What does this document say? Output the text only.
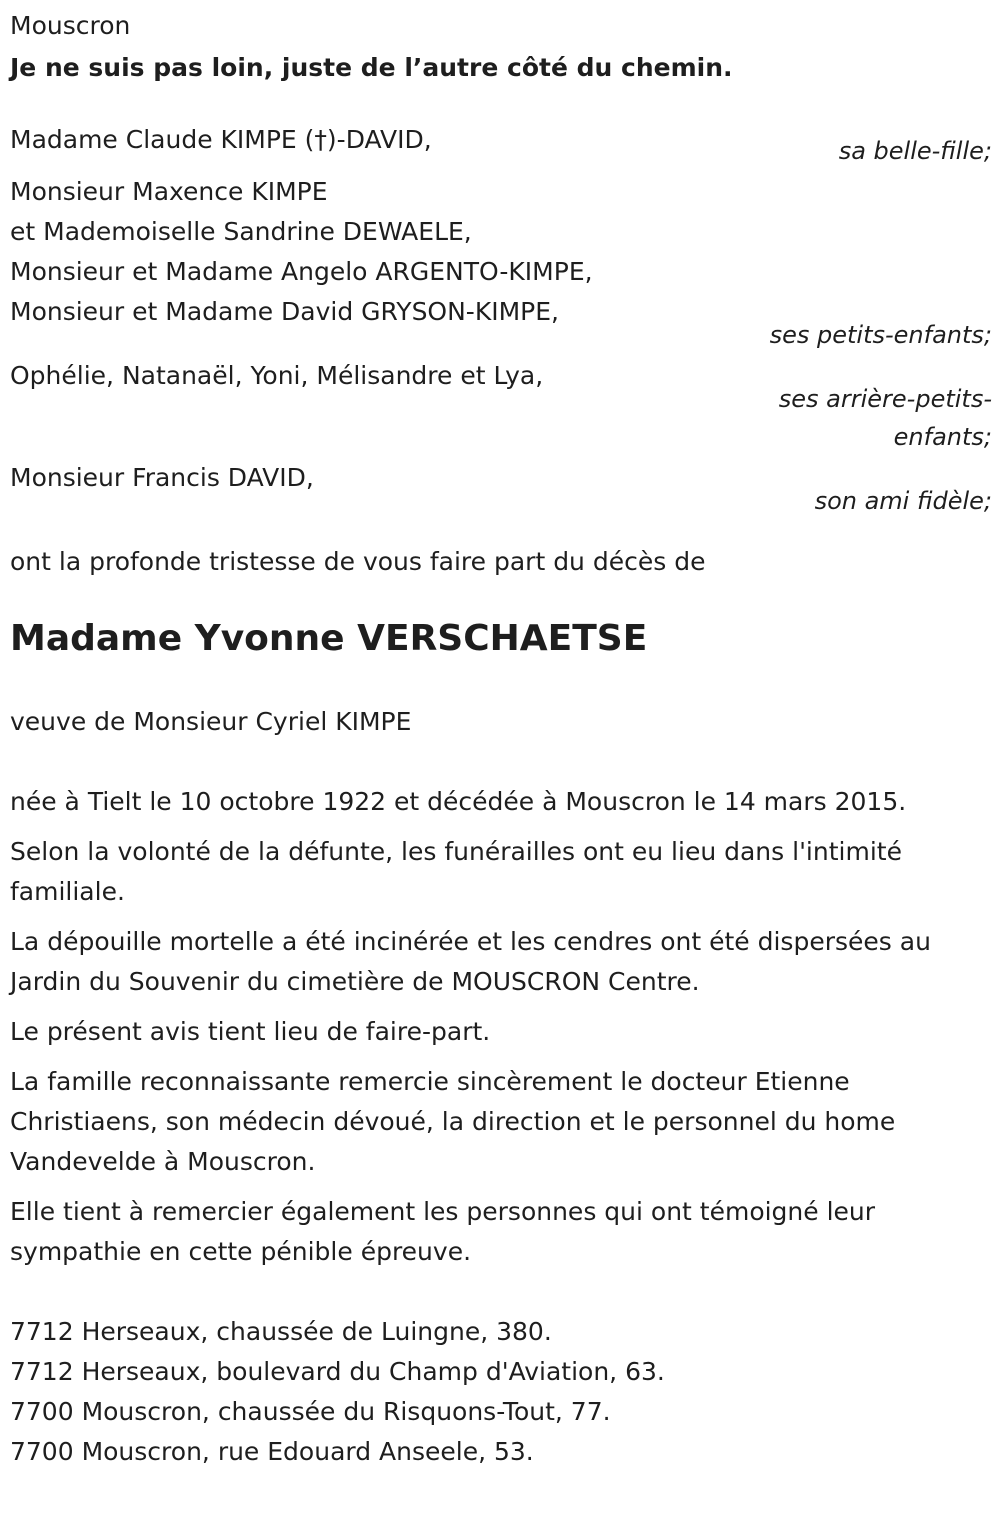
Mouscron
Je ne suis pas loin, juste de l’autre côté du chemin.
Madame Claude KIMPE (†)-DAVID,	sa belle-fille;
Monsieur Maxence KIMPE
et Mademoiselle Sandrine DEWAELE,
Monsieur et Madame Angelo ARGENTO-KIMPE,
Monsieur et Madame David GRYSON-KIMPE,
ses petits-enfants;
Ophélie, Natanaël, Yoni, Mélisandre et Lya,
ses arrière-petits-
enfants;
Monsieur Francis DAVID,
son ami fidèle;
ont la profonde tristesse de vous faire part du décès de
Madame Yvonne VERSCHAETSE
veuve de Monsieur Cyriel KIMPE
née à Tielt le 10 octobre 1922 et décédée à Mouscron le 14 mars 2015.
Selon la volonté de la défunte, les funérailles ont eu lieu dans l'intimité
familiale.
La dépouille mortelle a été incinérée et les cendres ont été dispersées au
Jardin du Souvenir du cimetière de MOUSCRON Centre.
Le présent avis tient lieu de faire-part.
La famille reconnaissante remercie sincèrement le docteur Etienne
Christiaens, son médecin dévoué, la direction et le personnel du home
Vandevelde à Mouscron.
Elle tient à remercier également les personnes qui ont témoigné leur
sympathie en cette pénible épreuve.
7712 Herseaux, chaussée de Luingne, 380.
7712 Herseaux, boulevard du Champ d'Aviation, 63.
7700 Mouscron, chaussée du Risquons-Tout, 77.
7700 Mouscron, rue Edouard Anseele, 53.
